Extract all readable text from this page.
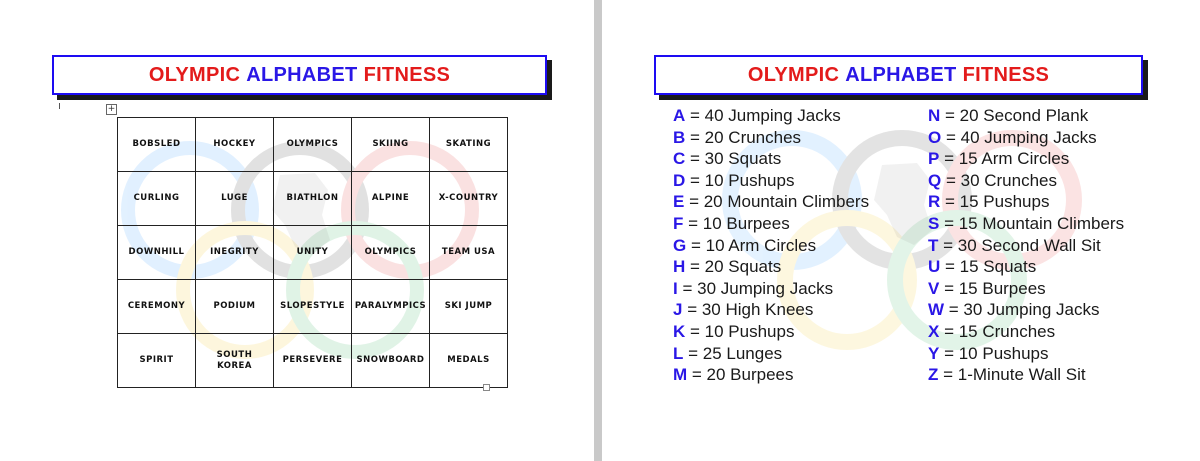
OLYMPIC ALPHABET FITNESS
+
BOBSLED	HOCKEY	OLYMPICS	SKIING	SKATING
CURLING	LUGE	BIATHLON	ALPINE	X-COUNTRY
DOWNHILL	INEGRITY	UNITY	OLYMPICS	TEAM USA
CEREMONY	PODIUM	SLOPESTYLE	PARALYMPICS	SKI JUMP
SPIRIT	SOUTH KOREA	PERSEVERE	SNOWBOARD	MEDALS
OLYMPIC ALPHABET FITNESS
A = 40 Jumping Jacks
B = 20 Crunches
C = 30 Squats
D = 10 Pushups
E = 20 Mountain Climbers
F = 10 Burpees
G = 10 Arm Circles
H = 20 Squats
I = 30 Jumping Jacks
J = 30 High Knees
K = 10 Pushups
L = 25 Lunges
M = 20 Burpees
N = 20 Second Plank
O = 40 Jumping Jacks
P = 15 Arm Circles
Q = 30 Crunches
R = 15 Pushups
S = 15 Mountain Climbers
T = 30 Second Wall Sit
U = 15 Squats
V = 15 Burpees
W = 30 Jumping Jacks
X = 15 Crunches
Y = 10 Pushups
Z = 1-Minute Wall Sit
